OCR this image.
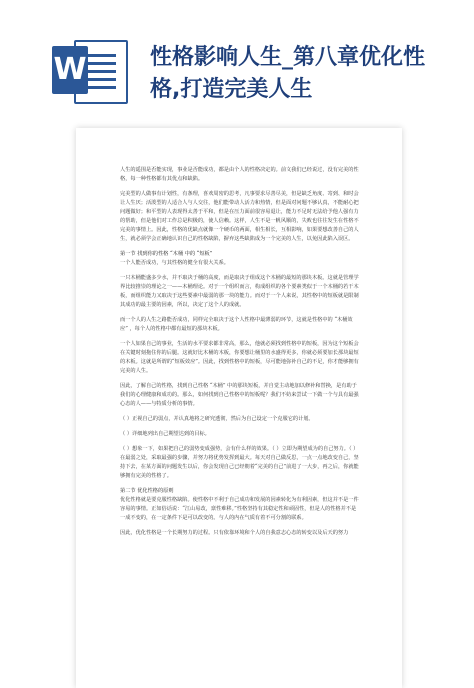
W	性格影响人生_第八章优化性格,打造完美人生

人生的遥围是否能实现，事业是否能成功，都是由个人的性格决定的。前文我们已经说过，没有完美的性格，每一种性格都有其优点和缺陷。

完美型的人做事有计划性，有条理，喜欢周密的思考，凡事要求尽善尽美，但是缺乏角度、寄到、和时会让人生厌；活泼型的人适合人与人交往，他们能带动人活力和热情，但是面对问题不够认真，不能耐心把问题做好；和平型的人表现得太善于平和，但是在压力面前很容易退让，能力不足时无法给予他人强有力的帮助，但是他们对工作总是积极的，使人信赖。这样，人生不是一帆风顺的，失败也往往发生在性格不完美的事情上。因此，性格的优缺点就像一个硬币的两面，相生相长，互相影响，如果要想改善自己的人生，就必须学会正确地认识自己的性格缺陷，摒弃这些缺陷成为一个完美的人生，以免因此陷入误区。

第一节 找到你的性格 “木桶 中的 “短板”

一个人能否成功，与其性格的健全有很大关系。

一只木桶能盛多少水，并不取决于桶的高度，而是取决于组成这个木桶的最短的那块木板。这就是管理学界比较推崇的理论之一——木桶理论。对于一个组织而言，构成组织的各个要素类似于一个木桶的若干木板，而组织能力又取决于这些要素中最弱的那一块的能力。而对于一个人来说，其性格中的短板就是限制其成功的最主要的因素，所以，决定了这个人的成就。

而一个人的人生之路能否成功，同样完全取决于这个人性格中最薄弱的环节，这就是性格中的 “木桶效应” ，每个人的性格中都有最短的那块木板。

一个人如果自己的事业，生活的水平要求都非常高，那么，他就必须找到性格中的短板，因为这个短板会在关键时刻拖住你的后腿。这就好比木桶的木板，你要想让桶里的水盛得更多，你就必须要加长那块最短的木板。这就是所谓的“短板效应”。因此，找到性格中的短板，尽可能地弥补自己的不足，你才能够拥有完美的人生。

因此，了解自己的性格，找到自己性格 “木桶” 中的那块短板，并自觉主动地加以修补和替换，是有助于我们的心理健康和成功的。那么，如何找到自己性格中的短板呢？我们不妨来尝试一下做一个与具有最强心态的人——与特质分析的事情。

（ ）正视自己的弱点，并认真地将之研究透彻，然后为自己设定一个克服它的计划。

（ ）详细地列出自己期望达到的目标。

（ ）想象一下，如果把自己的弱势变成强势，会有什么样的效果。（ ）立即为期望成为的自己努力。（ ）在最弱之处，采取最强的步骤，并努力将优势发挥到最大。每天对自己做反思，一点一点地改变自己，坚持下去，在某方面的问题发生以后，你会发现自己已经朝着“完美的自己”前进了一大步，再之后，你就能够拥有完美的性格了。

第二节 优化性格的原则

优化性格就是要克服性格缺陷。使性格中不利于自己成功和发展的因素转化为有利因素，但这并不是一件容易的事情。正如俗话说：“江山易改，禀性难移。”性格坚持有其稳定性和顽固性，但是人的性格并不是一成不变的，在一定条件下是可以改变的。与人的内在气质有着不可分割的联系。

因此，优化性格是一个长期努力的过程。只有依靠环境和个人的自我意志心态的转变以及后天的努力
